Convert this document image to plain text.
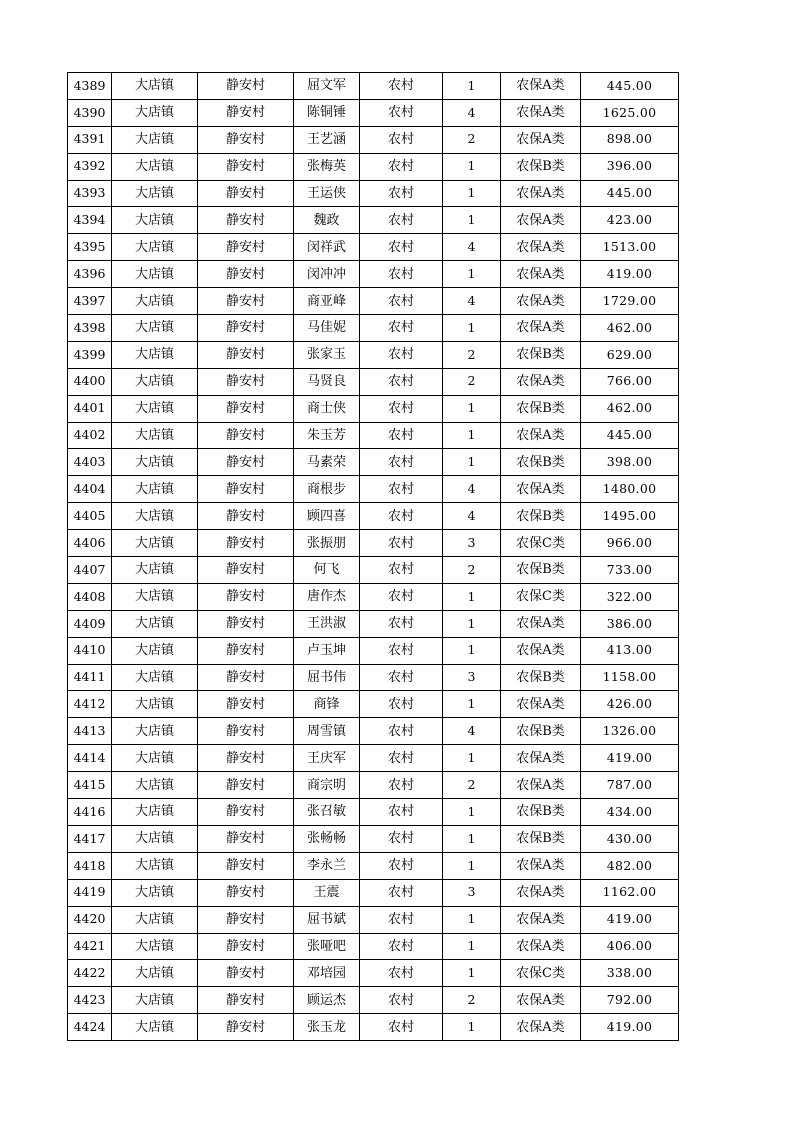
4389	大店镇	静安村	屈文军	农村	1	农保A类	445.00
4390	大店镇	静安村	陈铜锤	农村	4	农保A类	1625.00
4391	大店镇	静安村	王艺涵	农村	2	农保A类	898.00
4392	大店镇	静安村	张梅英	农村	1	农保B类	396.00
4393	大店镇	静安村	王运侠	农村	1	农保A类	445.00
4394	大店镇	静安村	魏政	农村	1	农保A类	423.00
4395	大店镇	静安村	闵祥武	农村	4	农保A类	1513.00
4396	大店镇	静安村	闵冲冲	农村	1	农保A类	419.00
4397	大店镇	静安村	商亚峰	农村	4	农保A类	1729.00
4398	大店镇	静安村	马佳妮	农村	1	农保A类	462.00
4399	大店镇	静安村	张家玉	农村	2	农保B类	629.00
4400	大店镇	静安村	马贤良	农村	2	农保A类	766.00
4401	大店镇	静安村	商士侠	农村	1	农保B类	462.00
4402	大店镇	静安村	朱玉芳	农村	1	农保A类	445.00
4403	大店镇	静安村	马素荣	农村	1	农保B类	398.00
4404	大店镇	静安村	商根步	农村	4	农保A类	1480.00
4405	大店镇	静安村	顾四喜	农村	4	农保B类	1495.00
4406	大店镇	静安村	张振朋	农村	3	农保C类	966.00
4407	大店镇	静安村	何飞	农村	2	农保B类	733.00
4408	大店镇	静安村	唐作杰	农村	1	农保C类	322.00
4409	大店镇	静安村	王洪淑	农村	1	农保A类	386.00
4410	大店镇	静安村	卢玉坤	农村	1	农保A类	413.00
4411	大店镇	静安村	屈书伟	农村	3	农保B类	1158.00
4412	大店镇	静安村	商锋	农村	1	农保A类	426.00
4413	大店镇	静安村	周雪镇	农村	4	农保B类	1326.00
4414	大店镇	静安村	王庆军	农村	1	农保A类	419.00
4415	大店镇	静安村	商宗明	农村	2	农保A类	787.00
4416	大店镇	静安村	张召敏	农村	1	农保B类	434.00
4417	大店镇	静安村	张畅畅	农村	1	农保B类	430.00
4418	大店镇	静安村	李永兰	农村	1	农保A类	482.00
4419	大店镇	静安村	王震	农村	3	农保A类	1162.00
4420	大店镇	静安村	屈书斌	农村	1	农保A类	419.00
4421	大店镇	静安村	张哑吧	农村	1	农保A类	406.00
4422	大店镇	静安村	邓培园	农村	1	农保C类	338.00
4423	大店镇	静安村	顾运杰	农村	2	农保A类	792.00
4424	大店镇	静安村	张玉龙	农村	1	农保A类	419.00
